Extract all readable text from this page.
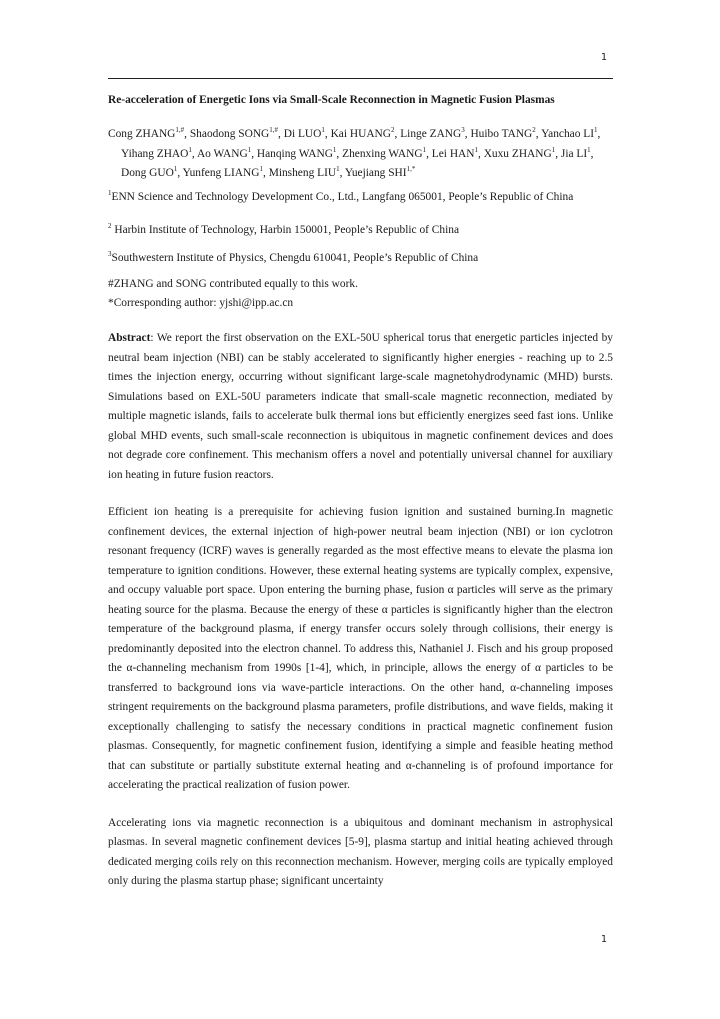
1

Re-acceleration of Energetic Ions via Small-Scale Reconnection in Magnetic Fusion Plasmas

Cong $ZHANG^{1,\#}$, Shaodong $SONG^{1,\#}$, Di LUO$^1$, Kai HUANG$^2$, Linge ZANG$^3$, Huibo TANG$^2$, Yanchao $LI^1$, Yihang ZHAO$^1$, Ao WANG$^1$, Hanqing WANG$^1$, Zhenxing WANG$^1$, Lei HAN$^1$, Xuxu ZHANG$^1$, Jia $LI^1$, Dong GUO$^1$, Yunfeng LIANG$^1$, Minsheng LIU$^1$, Yuejiang $SHI^{1,*}$

$^1$ENN Science and Technology Development Co., Ltd., Langfang 065001, People’s Republic of China

$^2$ Harbin Institute of Technology, Harbin 150001, People’s Republic of China

$^3$Southwestern Institute of Physics, Chengdu 610041, People’s Republic of China

#ZHANG and SONG contributed equally to this work.

*Corresponding author: yjshi@ipp.ac.cn

Abstract: We report the first observation on the EXL-50U spherical torus that energetic particles injected by neutral beam injection (NBI) can be stably accelerated to significantly higher energies - reaching up to 2.5 times the injection energy, occurring without significant large-scale magnetohydrodynamic (MHD) bursts. Simulations based on EXL-50U parameters indicate that small-scale magnetic reconnection, mediated by multiple magnetic islands, fails to accelerate bulk thermal ions but efficiently energizes seed fast ions. Unlike global MHD events, such small-scale reconnection is ubiquitous in magnetic confinement devices and does not degrade core confinement. This mechanism offers a novel and potentially universal channel for auxiliary ion heating in future fusion reactors.

Efficient ion heating is a prerequisite for achieving fusion ignition and sustained burning.In magnetic confinement devices, the external injection of high-power neutral beam injection (NBI) or ion cyclotron resonant frequency (ICRF) waves is generally regarded as the most effective means to elevate the plasma ion temperature to ignition conditions. However, these external heating systems are typically complex, expensive, and occupy valuable port space. Upon entering the burning phase, fusion α particles will serve as the primary heating source for the plasma. Because the energy of these α particles is significantly higher than the electron temperature of the background plasma, if energy transfer occurs solely through collisions, their energy is predominantly deposited into the electron channel. To address this, Nathaniel J. Fisch and his group proposed the α-channeling mechanism from 1990s [1-4], which, in principle, allows the energy of α particles to be transferred to background ions via wave-particle interactions. On the other hand, α-channeling imposes stringent requirements on the background plasma parameters, profile distributions, and wave fields, making it exceptionally challenging to satisfy the necessary conditions in practical magnetic confinement fusion plasmas. Consequently, for magnetic confinement fusion, identifying a simple and feasible heating method that can substitute or partially substitute external heating and α-channeling is of profound importance for accelerating the practical realization of fusion power.

Accelerating ions via magnetic reconnection is a ubiquitous and dominant mechanism in astrophysical plasmas. In several magnetic confinement devices [5-9], plasma startup and initial heating achieved through dedicated merging coils rely on this reconnection mechanism. However, merging coils are typically employed only during the plasma startup phase; significant uncertainty

1
